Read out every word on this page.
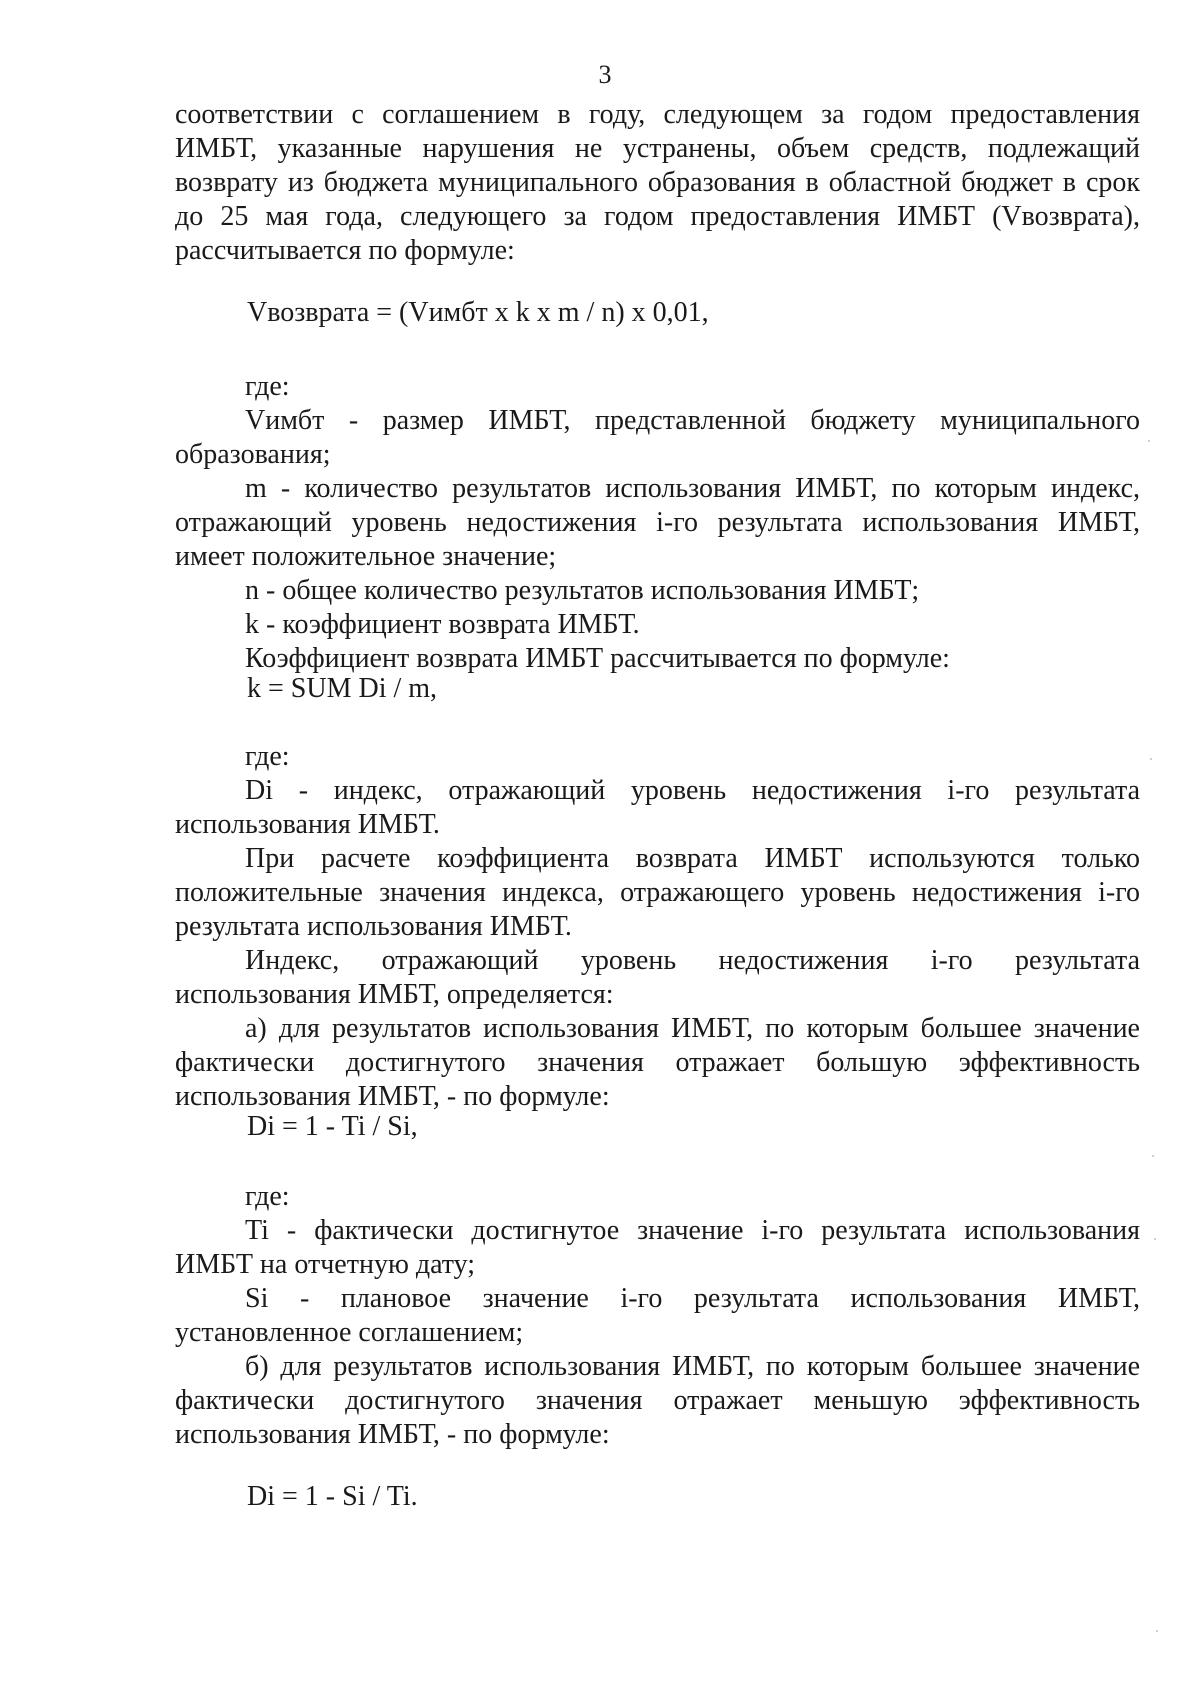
3
соответствии с соглашением в году, следующем за годом предоставления
ИМБТ, указанные нарушения не устранены, объем средств, подлежащий
возврату из бюджета муниципального образования в областной бюджет в срок
до 25 мая года, следующего за годом предоставления ИМБТ (Vвозврата),
рассчитывается по формуле:
Vвозврата = (Vимбт x k x m / n) x 0,01,
где:
Vимбт - размер ИМБТ, представленной бюджету муниципального
образования;
m - количество результатов использования ИМБТ, по которым индекс,
отражающий уровень недостижения i-го результата использования ИМБТ,
имеет положительное значение;
n - общее количество результатов использования ИМБТ;
k - коэффициент возврата ИМБТ.
Коэффициент возврата ИМБТ рассчитывается по формуле:
k = SUM Di / m,
где:
Di - индекс, отражающий уровень недостижения i-го результата
использования ИМБТ.
При расчете коэффициента возврата ИМБТ используются только
положительные значения индекса, отражающего уровень недостижения i-го
результата использования ИМБТ.
Индекс, отражающий уровень недостижения i-го результата
использования ИМБТ, определяется:
а) для результатов использования ИМБТ, по которым большее значение
фактически достигнутого значения отражает большую эффективность
использования ИМБТ, - по формуле:
Di = 1 - Ti / Si,
где:
Ti - фактически достигнутое значение i-го результата использования
ИМБТ на отчетную дату;
Si - плановое значение i-го результата использования ИМБТ,
установленное соглашением;
б) для результатов использования ИМБТ, по которым большее значение
фактически достигнутого значения отражает меньшую эффективность
использования ИМБТ, - по формуле:
Di = 1 - Si / Ti.
